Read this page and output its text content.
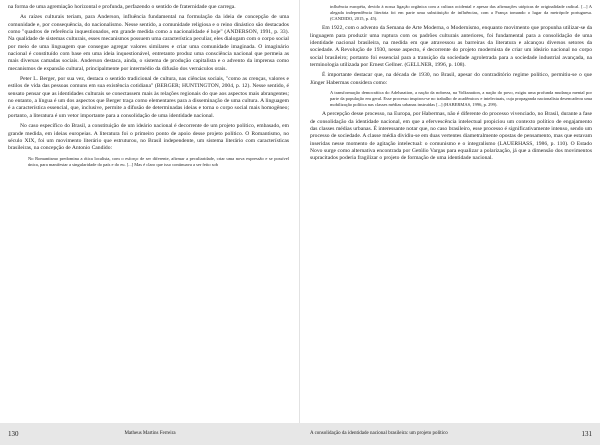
na forma de uma agremiação horizontal e profunda, perfazendo o sentido de fraternidade que carrega.

As raízes culturais teriam, para Anderson, influência fundamental na formulação da ideia de concepção de uma comunidade e, por consequência, do nacionalismo. Nesse sentido, a comunidade religiosa e o reino dinástico são destacados como "quadros de referência inquestionados, em grande medida como a nacionalidade é hoje" (ANDERSON, 1991, p. 33). Na qualidade de sistemas culturais, esses mecanismos possuem uma característica peculiar, eles dialogam com o corpo social por meio de uma linguagem que consegue agregar valores similares e criar uma comunidade imaginada. O imaginário nacional é constituído com base em uma ideia inquestionável, entretanto produz uma consciência nacional que permeia as mais diversas camadas sociais. Anderson destaca, ainda, o sistema de produção capitalista e o advento da imprensa como mecanismos de expansão cultural, principalmente por intermédio da difusão dos vernáculos orais.

Peter L. Berger, por sua vez, destaca o sentido tradicional de cultura, nas ciências sociais, "como as crenças, valores e estilos de vida das pessoas comuns em sua existência cotidiana" (BERGER; HUNTINGTON, 2004, p. 12). Nesse sentido, é sensato pensar que as identidades culturais se conectassem mais às relações regionais do que aos aspectos mais abrangentes; no entanto, a língua é um dos aspectos que Berger traça como elementares para a disseminação de uma cultura. A linguagem é a característica essencial, que, inclusive, permite a difusão de determinadas ideias e torna o corpo social mais homogêneo; portanto, a literatura é um vetor importante para a consolidação de uma identidade nacional.

No caso específico do Brasil, a constituição de um ideário nacional é decorrente de um projeto político, embasado, em grande medida, em ideias europeias. A literatura foi o primeiro ponto de apoio desse projeto político. O Romantismo, no século XIX, foi um movimento literário que estruturou, no Brasil independente, um sistema literário com características brasileiras, na concepção de Antonio Candido:

No Romantismo predomina a ótica localista, com o esforço de ser diferente, afirmar a peculiaridade, criar uma nova expressão e se possível única, para manifestar a singularidade do país e do eu. [...] Mas é claro que isso continuava a ser feito sob
influência européia, devido à nossa ligação orgânica com a cultura ocidental e apesar das afirmações utópicas de originalidade radical. [...] A alegada independência literária foi em parte uma substituição de influências, com a França tomando o lugar da metrópole portuguesa. (CANDIDO, 2015, p. 45).

Em 1922, com o advento da Semana de Arte Moderna, o Modernismo, enquanto movimento que propunha utilizar-se da linguagem para produzir uma ruptura com os padrões culturais anteriores, foi fundamental para a consolidação de uma identidade nacional brasileira, na medida em que atravessou as barreiras da literatura e alcançou diversos setores da sociedade. A Revolução de 1930, nesse aspecto, é decorrente do projeto modernista de criar um ideário nacional no corpo social brasileiro; portanto foi essencial para a transição da sociedade agroletrada para a sociedade industrial avançada, na terminologia utilizada por Ernest Gellner. (GELLNER, 1996, p. 108).

É importante destacar que, na década de 1930, no Brasil, apesar do contraditório regime político, permitiu-se o que Jünger Habermas considera como:

A transformação democrática do Adelsnation, a nação da nobreza, na Volksnation, a nação do povo, exigiu uma profunda mudança mental por parte da população em geral. Esse processo inspirou-se no trabalho de acadêmicos e intelectuais, cuja propaganda nacionalista desencadeou uma mobilização política nas classes médias urbanas instruídas [...] (HABERMAS, 1996, p. 299).

A percepção desse processo, na Europa, por Habermas, não é diferente do processo vivenciado, no Brasil, durante a fase de consolidação da identidade nacional, em que a efervescência intelectual propiciou um contexto político de engajamento das classes médias urbanas. É interessante notar que, no caso brasileiro, esse processo é significativamente intenso, sendo um processo de sociedade. A classe média dividiu-se em duas vertentes diametralmente opostas de pensamento, mas que estavam inseridas nesse momento de agitação intelectual: o comunismo e o integralismo (LAUERHASS, 1986, p. 110). O Estado Novo surge como alternativa encontrada por Getúlio Vargas para equalizar a polarização, já que a dimensão dos movimentos supracitados poderia fragilizar o projeto de formação de uma identidade nacional.

130	Matheus Martins Ferreira	A consolidação da identidade nacional brasileira: um projeto político	131
